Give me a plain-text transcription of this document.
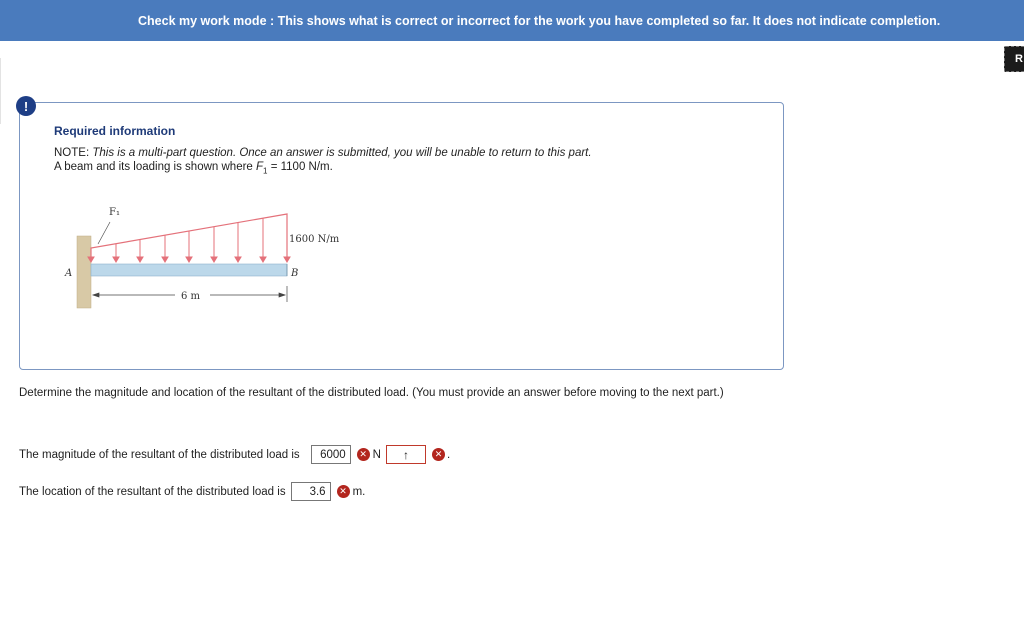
Check my work mode : This shows what is correct or incorrect for the work you have completed so far. It does not indicate completion.
R
!
Required information
NOTE: This is a multi-part question. Once an answer is submitted, you will be unable to return to this part.
A beam and its loading is shown where $F_1 = 1100$ N/m.
F₁
1600 N/m
A	B
6 m
Determine the magnitude and location of the resultant of the distributed load. (You must provide an answer before moving to the next part.)
The magnitude of the resultant of the distributed load is	6000	✕ N	↑	✕ .
The location of the resultant of the distributed load is	3.6	✕ m.
